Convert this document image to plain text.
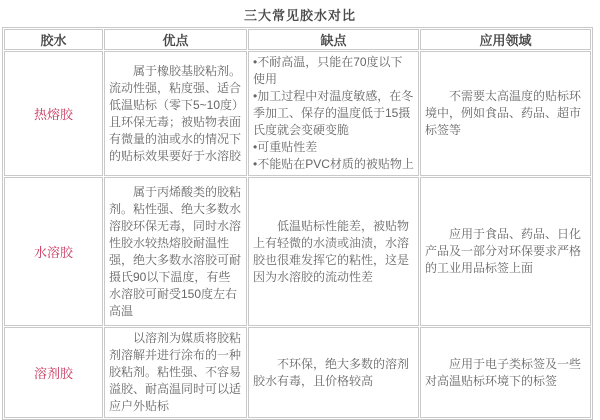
三大常见胶水对比
胶水	优点	缺点	应用领域
热熔胶	属于橡胶基胶粘剂。流动性强，粘度强、适合低温贴标（零下5~10度）且环保无毒；被贴物表面有微量的油或水的情况下的贴标效果要好于水溶胶	•不耐高温，只能在70度以下使用
•加工过程中对温度敏感，在冬季加工、保存的温度低于15摄氏度就会变硬变脆
•可重贴性差
•不能贴在PVC材质的被贴物上	不需要太高温度的贴标环境中，例如食品、药品、超市标签等

水溶胶	属于丙烯酸类的胶粘剂。粘性强、绝大多数水溶胶环保无毒，同时水溶性胶水较热熔胶耐温性强，绝大多数水溶胶可耐摄氏90以下温度，有些水溶胶可耐受150度左右高温	低温贴标性能差，被贴物上有轻微的水渍或油渍，水溶胶也很难发挥它的粘性，这是因为水溶胶的流动性差	应用于食品、药品、日化产品及一部分对环保要求严格的工业用品标签上面

溶剂胶	以溶剂为媒质将胶粘剂溶解并进行涂布的一种胶粘剂。粘性强、不容易溢胶、耐高温同时可以适应户外贴标	不环保，绝大多数的溶剂胶水有毒，且价格较高	应用于电子类标签及一些对高温贴标环境下的标签
